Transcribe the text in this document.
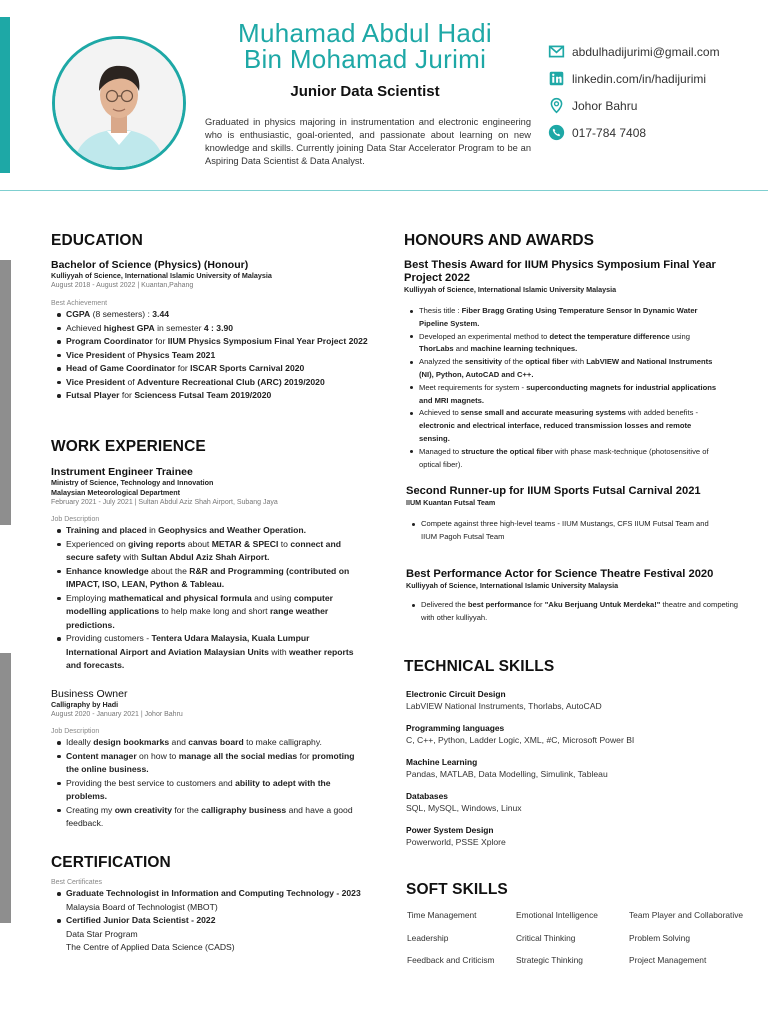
Muhamad Abdul Hadi
Bin Mohamad Jurimi
Junior Data Scientist
Graduated in physics majoring in instrumentation and electronic engineering who is enthusiastic, goal-oriented, and passionate about learning on new knowledge and skills. Currently joining Data Star Accelerator Program to be an Aspiring Data Scientist & Data Analyst.
abdulhadijurimi@gmail.com
linkedin.com/in/hadijurimi
Johor Bahru
017-784 7408
EDUCATION
Bachelor of Science (Physics) (Honour)
Kulliyyah of Science, International Islamic University of Malaysia
August 2018 - August 2022 | Kuantan,Pahang
Best Achievement
CGPA (8 semesters) : 3.44
Achieved highest GPA in semester 4 : 3.90
Program Coordinator for IIUM Physics Symposium Final Year Project 2022
Vice President of Physics Team 2021
Head of Game Coordinator for ISCAR Sports Carnival 2020
Vice President of Adventure Recreational Club (ARC) 2019/2020
Futsal Player for Sciencess Futsal Team 2019/2020
WORK EXPERIENCE
Instrument Engineer Trainee
Ministry of Science, Technology and Innovation
Malaysian Meteorological Department
February 2021 - July 2021 | Sultan Abdul Aziz Shah Airport, Subang Jaya
Job Description
Training and placed in Geophysics and Weather Operation.
Experienced on giving reports about METAR & SPECI to connect and secure safety with Sultan Abdul Aziz Shah Airport.
Enhance knowledge about the R&R and Programming (contributed on IMPACT, ISO, LEAN, Python & Tableau.
Employing mathematical and physical formula and using computer modelling applications to help make long and short range weather predictions.
Providing customers - Tentera Udara Malaysia, Kuala Lumpur International Airport and Aviation Malaysian Units with weather reports and forecasts.
Business Owner
Calligraphy by Hadi
August 2020 - January 2021 | Johor Bahru
Job Description
Ideally design bookmarks and canvas board to make calligraphy.
Content manager on how to manage all the social medias for promoting the online business.
Providing the best service to customers and ability to adept with the problems.
Creating my own creativity for the calligraphy business and have a good feedback.
CERTIFICATION
Best Certificates
Graduate Technologist in Information and Computing Technology - 2023
Malaysia Board of Technologist (MBOT)
Certified Junior Data Scientist - 2022
Data Star Program
The Centre of Applied Data Science (CADS)
HONOURS AND AWARDS
Best Thesis Award for IIUM Physics Symposium Final Year Project 2022
Kulliyyah of Science, International Islamic University Malaysia
Thesis title : Fiber Bragg Grating Using Temperature Sensor In Dynamic Water Pipeline System.
Developed an experimental method to detect the temperature difference using ThorLabs and machine learning techniques.
Analyzed the sensitivity of the optical fiber with LabVIEW and National Instruments (NI), Python, AutoCAD and C++.
Meet requirements for system - superconducting magnets for industrial applications and MRI magnets.
Achieved to sense small and accurate measuring systems with added benefits - electronic and electrical interface, reduced transmission losses and remote sensing.
Managed to structure the optical fiber with phase mask-technique (photosensitive of optical fiber).
Second Runner-up for IIUM Sports Futsal Carnival 2021
IIUM Kuantan Futsal Team
Compete against three high-level teams - IIUM Mustangs, CFS IIUM Futsal Team and IIUM Pagoh Futsal Team
Best Performance Actor for Science Theatre Festival 2020
Kulliyyah of Science, International Islamic University Malaysia
Delivered the best performance for "Aku Berjuang Untuk Merdeka!" theatre and competing with other kulliyyah.
TECHNICAL SKILLS
Electronic Circuit Design
LabVIEW National Instruments, Thorlabs, AutoCAD
Programming languages
C, C++, Python, Ladder Logic, XML, #C, Microsoft Power BI
Machine Learning
Pandas, MATLAB, Data Modelling, Simulink, Tableau
Databases
SQL, MySQL, Windows, Linux
Power System Design
Powerworld, PSSE Xplore
SOFT SKILLS
Time Management
Leadership
Feedback and Criticism
Emotional Intelligence
Critical Thinking
Strategic Thinking
Team Player and Collaborative
Problem Solving
Project Management
